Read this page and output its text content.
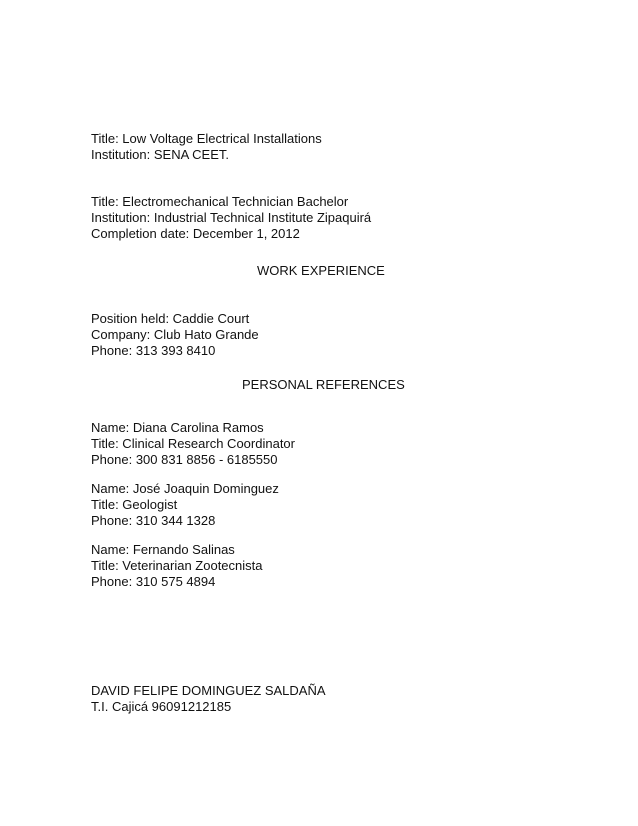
Title: Low Voltage Electrical Installations
Institution: SENA CEET.
Title: Electromechanical Technician Bachelor
Institution: Industrial Technical Institute Zipaquirá
Completion date: December 1, 2012
WORK EXPERIENCE
Position held: Caddie Court
Company: Club Hato Grande
Phone: 313 393 8410
PERSONAL REFERENCES
Name: Diana Carolina Ramos
Title: Clinical Research Coordinator
Phone: 300 831 8856 - 6185550
Name: José Joaquin Dominguez
Title: Geologist
Phone: 310 344 1328
Name: Fernando Salinas
Title: Veterinarian Zootecnista
Phone: 310 575 4894
DAVID FELIPE DOMINGUEZ SALDAÑA
T.I. Cajicá 96091212185
